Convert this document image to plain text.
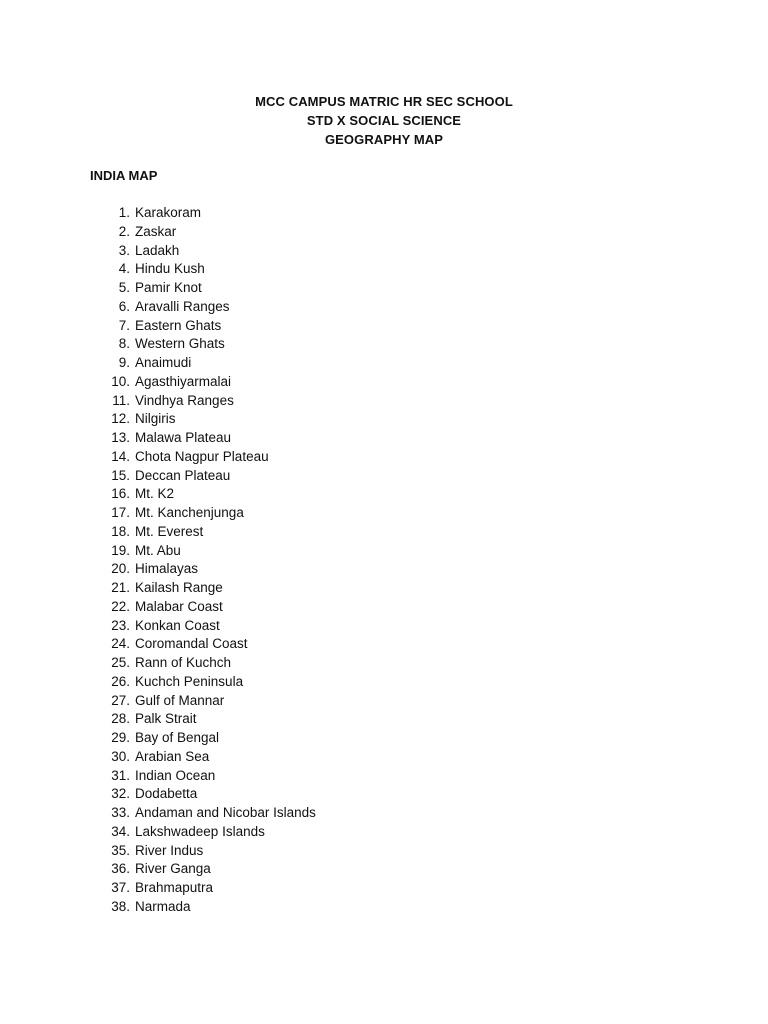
MCC CAMPUS MATRIC HR SEC SCHOOL
STD X SOCIAL SCIENCE
GEOGRAPHY MAP
INDIA MAP
1. Karakoram
2. Zaskar
3. Ladakh
4. Hindu Kush
5. Pamir Knot
6. Aravalli Ranges
7. Eastern Ghats
8. Western Ghats
9. Anaimudi
10. Agasthiyarmalai
11. Vindhya Ranges
12. Nilgiris
13. Malawa Plateau
14. Chota Nagpur Plateau
15. Deccan Plateau
16. Mt. K2
17. Mt. Kanchenjunga
18. Mt. Everest
19. Mt. Abu
20. Himalayas
21. Kailash Range
22. Malabar Coast
23. Konkan Coast
24. Coromandal Coast
25. Rann of Kuchch
26. Kuchch Peninsula
27. Gulf of Mannar
28. Palk Strait
29. Bay of Bengal
30. Arabian Sea
31. Indian Ocean
32. Dodabetta
33. Andaman and Nicobar Islands
34. Lakshwadeep Islands
35. River Indus
36. River Ganga
37. Brahmaputra
38. Narmada
